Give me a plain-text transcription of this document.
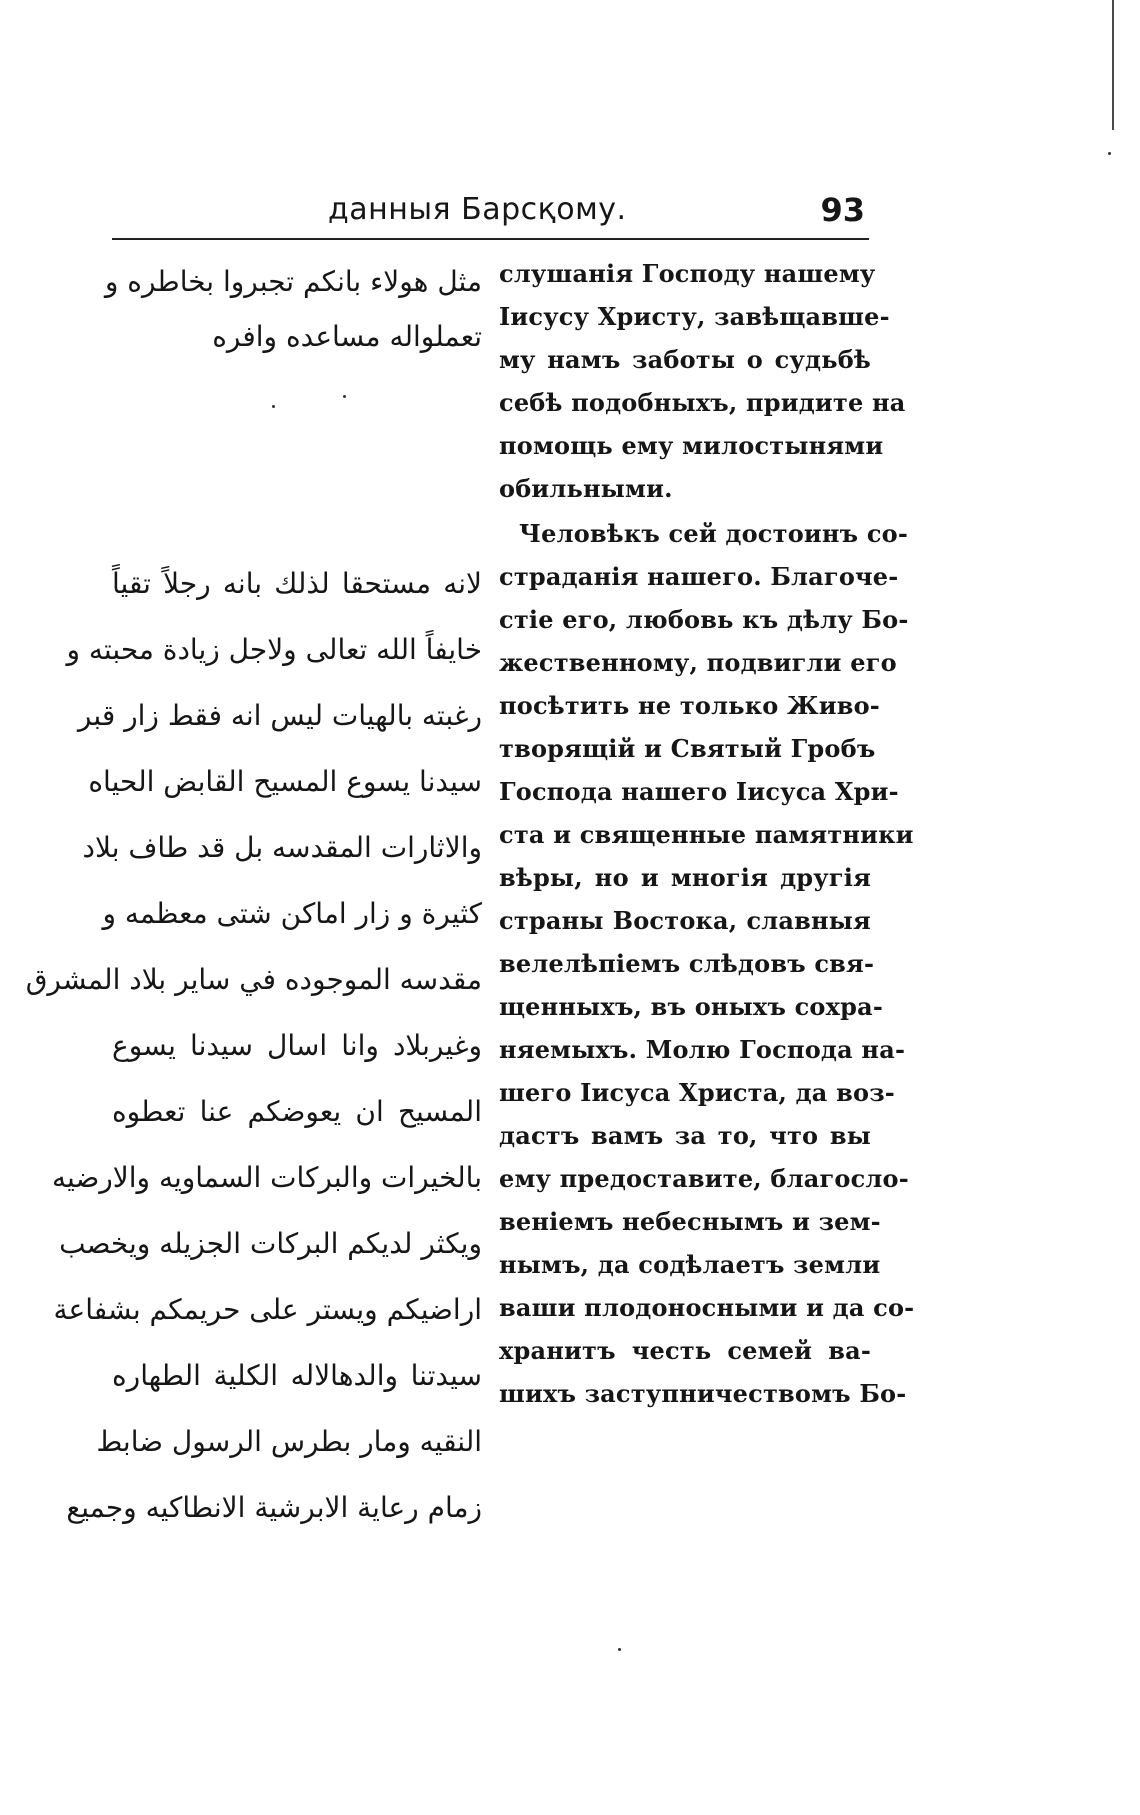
данныя Барсқому.	93
مثل هولاء بانكم تجبروا بخاطره و
تعملواله مساعده وافره
لانه مستحقا لذلك بانه رجلاً تقياً
خايفاً الله تعالى ولاجل زيادة محبته و
رغبته بالهيات ليس انه فقط زار قبر
سيدنا يسوع المسيح القابض الحياه
والاثارات المقدسه بل قد طاف بلاد
كثيرة و زار اماكن شتى معظمه و
مقدسه الموجوده في ساير بلاد المشرق
وغيربلاد وانا اسال سيدنا يسوع
المسيح ان يعوضكم عنا تعطوه
بالخيرات والبركات السماويه والارضيه
ويكثر لديكم البركات الجزيله ويخصب
اراضيكم ويستر على حريمكم بشفاعة
سيدتنا والدهالاله الكلية الطهاره
النقيه ومار بطرس الرسول ضابط
زمام رعاية الابرشية الانطاكيه وجميع
слушанія Господу нашему
Іисусу Христу, завѣщавше-
му намъ заботы о судьбѣ
себѣ подобныхъ, придите на
помощь ему милостынями
обильными.
Человѣкъ сей достоинъ со-
страданія нашего. Благоче-
стіе его, любовь къ дѣлу Бо-
жественному, подвигли его
посѣтить не только Живо-
творящій и Святый Гробъ
Господа нашего Іисуса Хри-
ста и священные памятники
вѣры, но и многія другія
страны Востока, славныя
велелѣпіемъ слѣдовъ свя-
щенныхъ, въ оныхъ сохра-
няемыхъ. Молю Господа на-
шего Іисуса Христа, да воз-
дастъ вамъ за то, что вы
ему предоставите, благосло-
веніемъ небеснымъ и зем-
нымъ, да содѣлаетъ земли
ваши плодоносными и да со-
хранитъ честь семей ва-
шихъ заступничествомъ Бо-
